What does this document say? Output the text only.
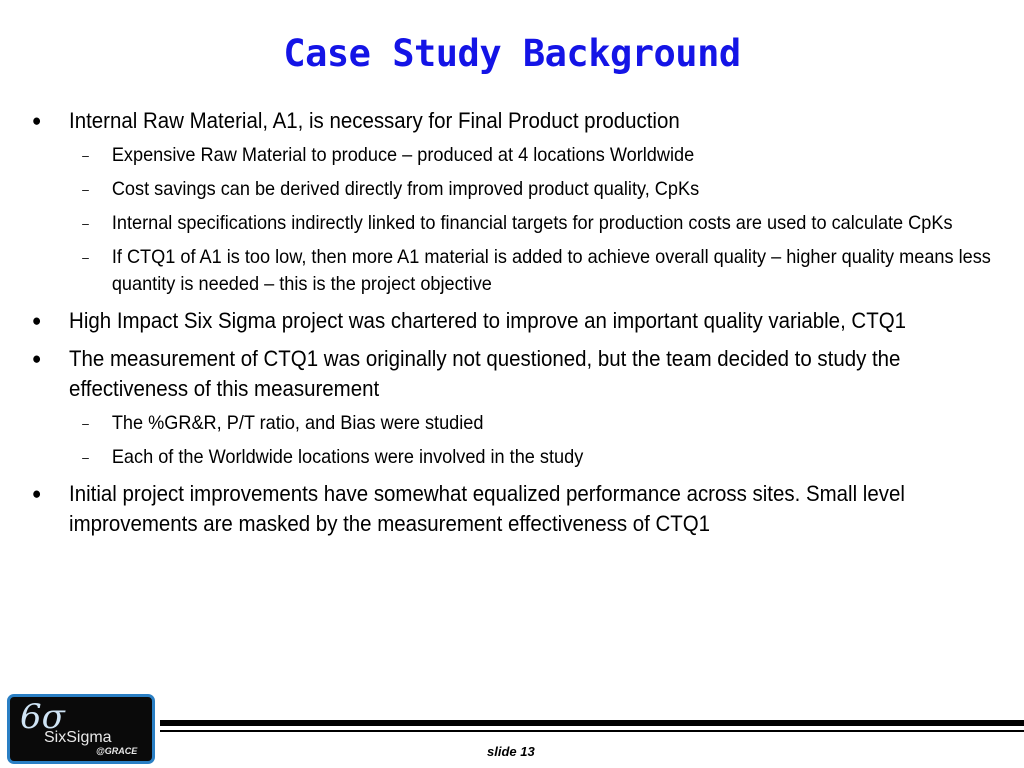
Case Study Background
● Internal Raw Material, A1, is necessary for Final Product production
– Expensive Raw Material to produce – produced at 4 locations Worldwide
– Cost savings can be derived directly from improved product quality, CpKs
– Internal specifications indirectly linked to financial targets for production costs are used to calculate CpKs
– If CTQ1 of A1 is too low, then more A1 material is added to achieve overall quality – higher quality means less quantity is needed – this is the project objective
● High Impact Six Sigma project was chartered to improve an important quality variable, CTQ1
● The measurement of CTQ1 was originally not questioned, but the team decided to study the effectiveness of this measurement
– The %GR&R, P/T ratio, and Bias were studied
– Each of the Worldwide locations were involved in the study
● Initial project improvements have somewhat equalized performance across sites. Small level improvements are masked by the measurement effectiveness of CTQ1
6σ
SixSigma
@GRACE	slide 13
